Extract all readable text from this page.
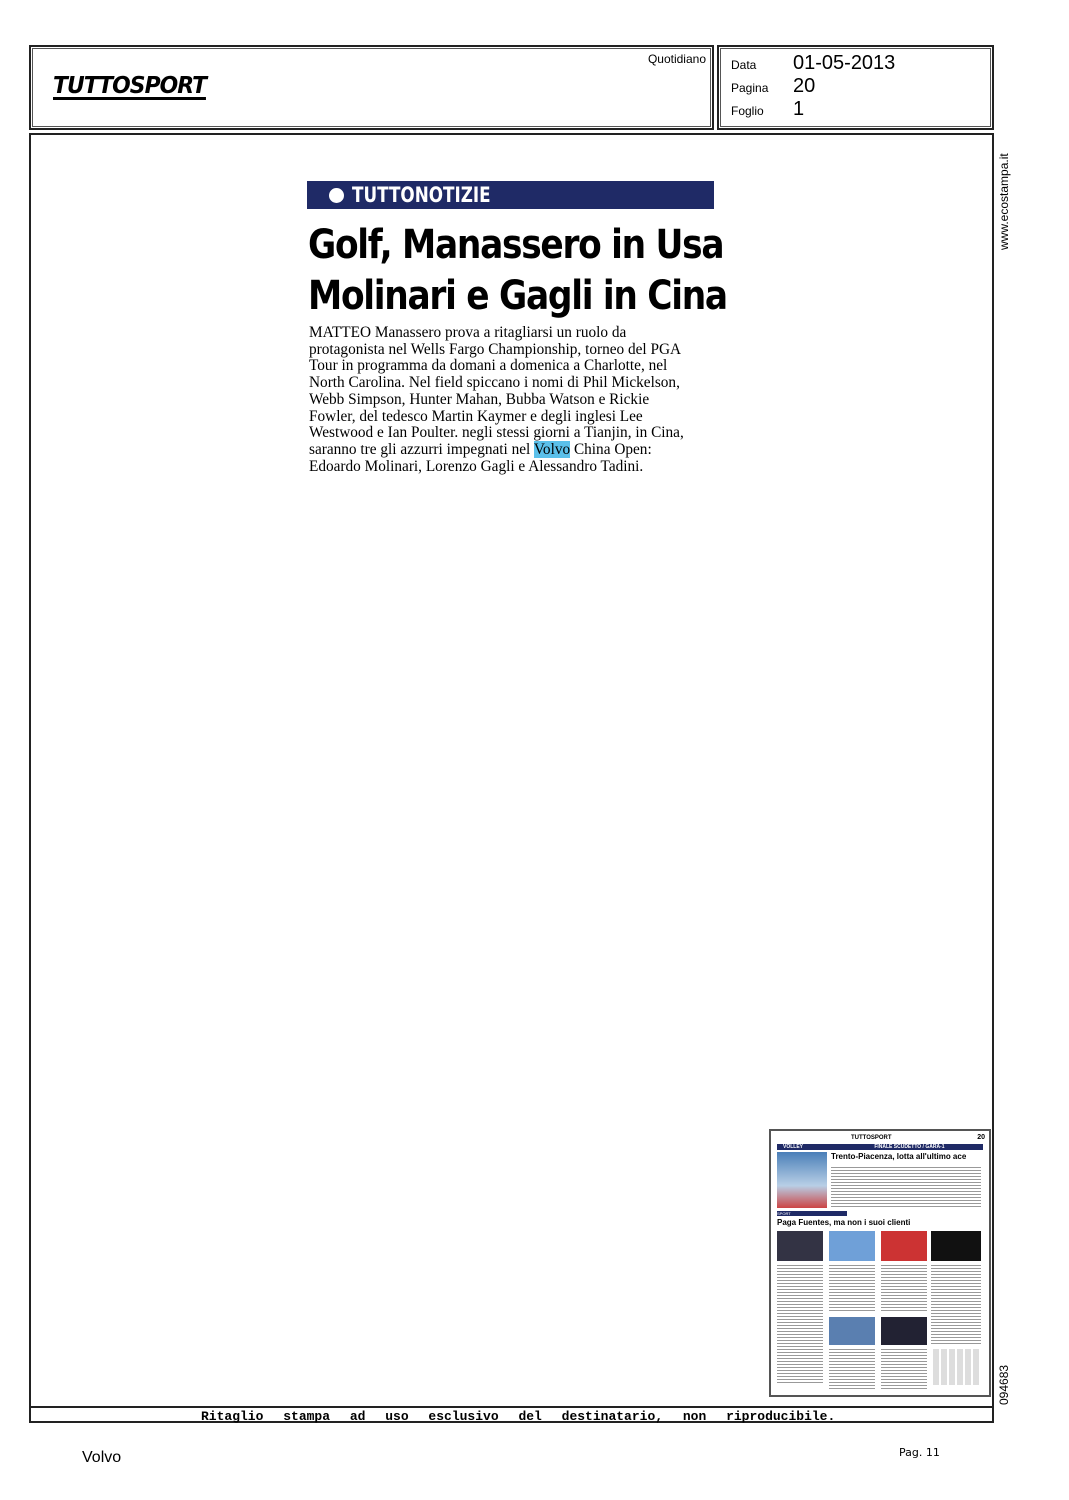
TUTTOSPORT
Quotidiano Data	01-05-2013
Pagina	20
Foglio	1
www.ecostampa.it
094683
Ritaglio stampa ad uso esclusivo del destinatario, non riproducibile.
TUTTOSPORT	20
VOLLEY	FINALE SCUDETTO / GARA-1
Trento-Piacenza, lotta all'ultimo ace
SPORT
Paga Fuentes, ma non i suoi clienti
TUTTONOTIZIE
Golf, Manassero in Usa
Molinari e Gagli in Cina
MATTEO Manassero prova a ritagliarsi un ruolo da
protagonista nel Wells Fargo Championship, torneo del PGA
Tour in programma da domani a domenica a Charlotte, nel
North Carolina. Nel field spiccano i nomi di Phil Mickelson,
Webb Simpson, Hunter Mahan, Bubba Watson e Rickie
Fowler, del tedesco Martin Kaymer e degli inglesi Lee
Westwood e Ian Poulter. negli stessi giorni a Tianjin, in Cina,
saranno tre gli azzurri impegnati nel Volvo China Open:
Edoardo Molinari, Lorenzo Gagli e Alessandro Tadini.
Volvo	Pag. 11
